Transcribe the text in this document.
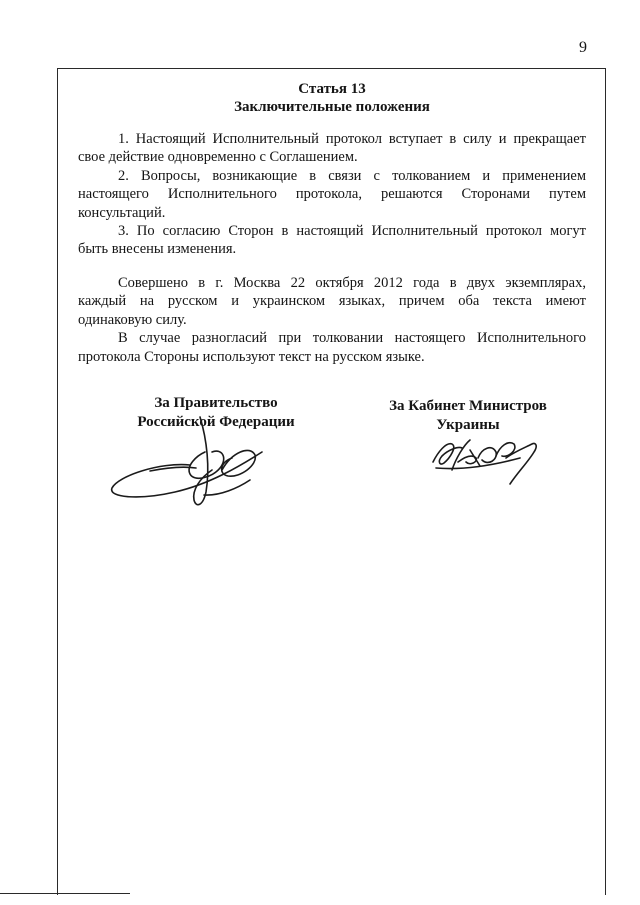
9
Статья 13
Заключительные положения
1. Настоящий Исполнительный протокол вступает в силу и прекращает
свое действие одновременно с Соглашением.
2. Вопросы, возникающие в связи с толкованием и применением
настоящего Исполнительного протокола, решаются Сторонами путем
консультаций.
3. По согласию Сторон в настоящий Исполнительный протокол могут
быть внесены изменения.
Совершено в г. Москва 22 октября 2012 года в двух экземплярах,
каждый на русском и украинском языках, причем оба текста имеют
одинаковую силу.
В случае разногласий при толковании настоящего Исполнительного
протокола Стороны используют текст на русском языке.
За Правительство
Российской Федерации
За Кабинет Министров
Украины
